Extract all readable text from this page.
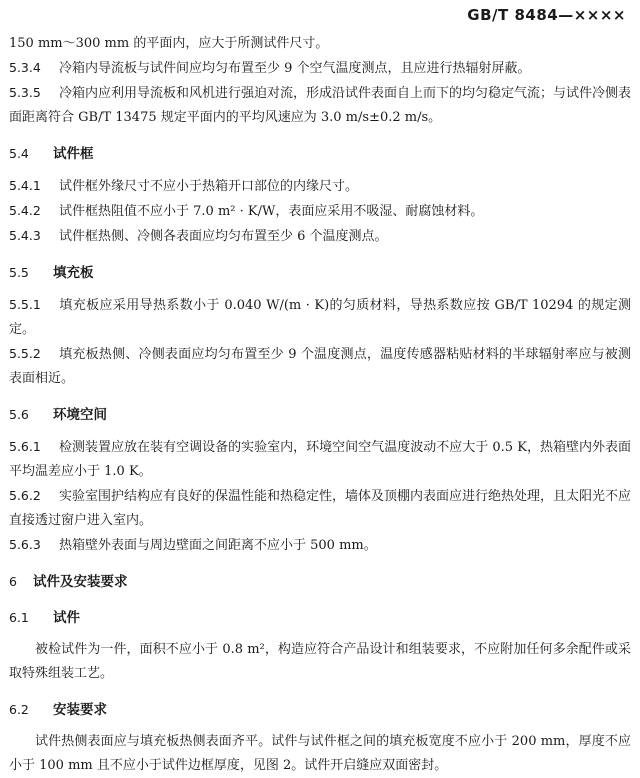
GB/T 8484—××××

150 mm～300 mm 的平面内，应大于所测试件尺寸。

5.3.4 冷箱内导流板与试件间应均匀布置至少 9 个空气温度测点，且应进行热辐射屏蔽。

5.3.5 冷箱内应利用导流板和风机进行强迫对流，形成沿试件表面自上而下的均匀稳定气流；与试件冷侧表面距离符合 GB/T 13475 规定平面内的平均风速应为 3.0 m/s±0.2 m/s。

5.4 试件框

5.4.1 试件框外缘尺寸不应小于热箱开口部位的内缘尺寸。

5.4.2 试件框热阻值不应小于 7.0 m² · K/W，表面应采用不吸湿、耐腐蚀材料。

5.4.3 试件框热侧、冷侧各表面应均匀布置至少 6 个温度测点。

5.5 填充板

5.5.1 填充板应采用导热系数小于 0.040 W/(m · K)的匀质材料，导热系数应按 GB/T 10294 的规定测定。

5.5.2 填充板热侧、冷侧表面应均匀布置至少 9 个温度测点，温度传感器粘贴材料的半球辐射率应与被测表面相近。

5.6 环境空间

5.6.1 检测装置应放在装有空调设备的实验室内，环境空间空气温度波动不应大于 0.5 K，热箱壁内外表面平均温差应小于 1.0 K。

5.6.2 实验室围护结构应有良好的保温性能和热稳定性，墙体及顶棚内表面应进行绝热处理，且太阳光不应直接透过窗户进入室内。

5.6.3 热箱壁外表面与周边壁面之间距离不应小于 500 mm。

6 试件及安装要求

6.1 试件

被检试件为一件，面积不应小于 0.8 m²，构造应符合产品设计和组装要求，不应附加任何多余配件或采取特殊组装工艺。

6.2 安装要求

试件热侧表面应与填充板热侧表面齐平。试件与试件框之间的填充板宽度不应小于 200 mm，厚度不应小于 100 mm 且不应小于试件边框厚度，见图 2。试件开启缝应双面密封。
